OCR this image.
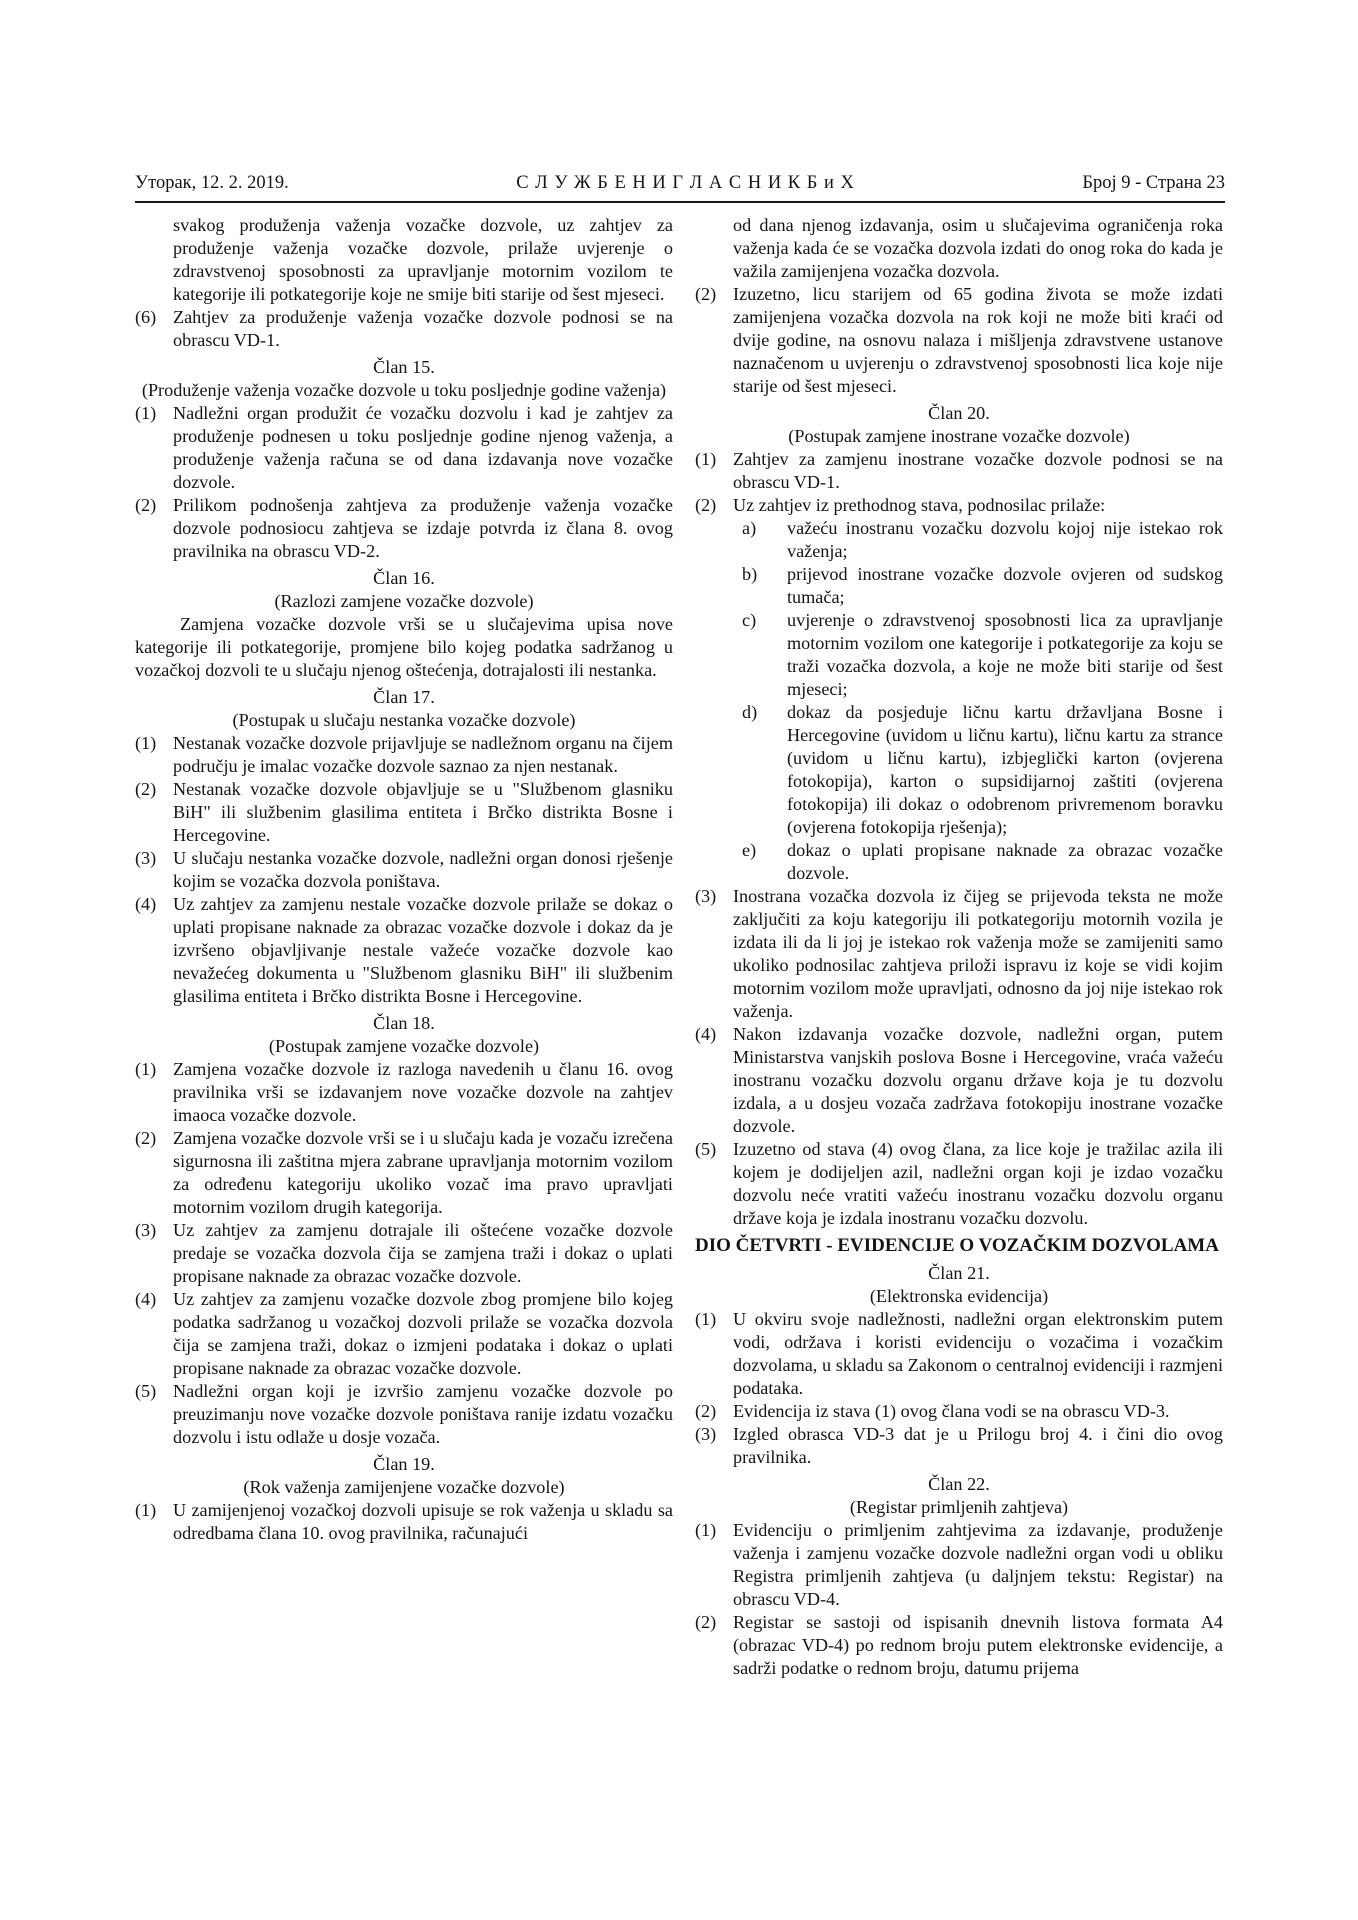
Уторак, 12. 2. 2019.	С Л У Ж Б Е Н И Г Л А С Н И К Б и Х	Број 9 - Страна 23

svakog produženja važenja vozačke dozvole, uz zahtjev za produženje važenja vozačke dozvole, prilaže uvjerenje o zdravstvenoj sposobnosti za upravljanje motornim vozilom te kategorije ili potkategorije koje ne smije biti starije od šest mjeseci.

(6) Zahtjev za produženje važenja vozačke dozvole podnosi se na obrascu VD-1.
Član 15.
(Produženje važenja vozačke dozvole u toku posljednje godine važenja)
(1) Nadležni organ produžit će vozačku dozvolu i kad je zahtjev za produženje podnesen u toku posljednje godine njenog važenja, a produženje važenja računa se od dana izdavanja nove vozačke dozvole.
(2) Prilikom podnošenja zahtjeva za produženje važenja vozačke dozvole podnosiocu zahtjeva se izdaje potvrda iz člana 8. ovog pravilnika na obrascu VD-2.
Član 16.
(Razlozi zamjene vozačke dozvole)

Zamjena vozačke dozvole vrši se u slučajevima upisa nove kategorije ili potkategorije, promjene bilo kojeg podatka sadržanog u vozačkoj dozvoli te u slučaju njenog oštećenja, dotrajalosti ili nestanka.

Član 17.
(Postupak u slučaju nestanka vozačke dozvole)
(1) Nestanak vozačke dozvole prijavljuje se nadležnom organu na čijem području je imalac vozačke dozvole saznao za njen nestanak.
(2) Nestanak vozačke dozvole objavljuje se u "Službenom glasniku BiH" ili službenim glasilima entiteta i Brčko distrikta Bosne i Hercegovine.
(3) U slučaju nestanka vozačke dozvole, nadležni organ donosi rješenje kojim se vozačka dozvola poništava.
(4) Uz zahtjev za zamjenu nestale vozačke dozvole prilaže se dokaz o uplati propisane naknade za obrazac vozačke dozvole i dokaz da je izvršeno objavljivanje nestale važeće vozačke dozvole kao nevažećeg dokumenta u "Službenom glasniku BiH" ili službenim glasilima entiteta i Brčko distrikta Bosne i Hercegovine.
Član 18.
(Postupak zamjene vozačke dozvole)
(1) Zamjena vozačke dozvole iz razloga navedenih u članu 16. ovog pravilnika vrši se izdavanjem nove vozačke dozvole na zahtjev imaoca vozačke dozvole.
(2) Zamjena vozačke dozvole vrši se i u slučaju kada je vozaču izrečena sigurnosna ili zaštitna mjera zabrane upravljanja motornim vozilom za određenu kategoriju ukoliko vozač ima pravo upravljati motornim vozilom drugih kategorija.
(3) Uz zahtjev za zamjenu dotrajale ili oštećene vozačke dozvole predaje se vozačka dozvola čija se zamjena traži i dokaz o uplati propisane naknade za obrazac vozačke dozvole.
(4) Uz zahtjev za zamjenu vozačke dozvole zbog promjene bilo kojeg podatka sadržanog u vozačkoj dozvoli prilaže se vozačka dozvola čija se zamjena traži, dokaz o izmjeni podataka i dokaz o uplati propisane naknade za obrazac vozačke dozvole.
(5) Nadležni organ koji je izvršio zamjenu vozačke dozvole po preuzimanju nove vozačke dozvole poništava ranije izdatu vozačku dozvolu i istu odlaže u dosje vozača.
Član 19.
(Rok važenja zamijenjene vozačke dozvole)
(1) U zamijenjenoj vozačkoj dozvoli upisuje se rok važenja u skladu sa odredbama člana 10. ovog pravilnika, računajući

od dana njenog izdavanja, osim u slučajevima ograničenja roka važenja kada će se vozačka dozvola izdati do onog roka do kada je važila zamijenjena vozačka dozvola.

(2) Izuzetno, licu starijem od 65 godina života se može izdati zamijenjena vozačka dozvola na rok koji ne može biti kraći od dvije godine, na osnovu nalaza i mišljenja zdravstvene ustanove naznačenom u uvjerenju o zdravstvenoj sposobnosti lica koje nije starije od šest mjeseci.
Član 20.
(Postupak zamjene inostrane vozačke dozvole)
(1) Zahtjev za zamjenu inostrane vozačke dozvole podnosi se na obrascu VD-1.
(2) Uz zahtjev iz prethodnog stava, podnosilac prilaže:
a) važeću inostranu vozačku dozvolu kojoj nije istekao rok važenja;
b) prijevod inostrane vozačke dozvole ovjeren od sudskog tumača;
c) uvjerenje o zdravstvenoj sposobnosti lica za upravljanje motornim vozilom one kategorije i potkategorije za koju se traži vozačka dozvola, a koje ne može biti starije od šest mjeseci;
d) dokaz da posjeduje ličnu kartu državljana Bosne i Hercegovine (uvidom u ličnu kartu), ličnu kartu za strance (uvidom u ličnu kartu), izbjeglički karton (ovjerena fotokopija), karton o supsidijarnoj zaštiti (ovjerena fotokopija) ili dokaz o odobrenom privremenom boravku (ovjerena fotokopija rješenja);
e) dokaz o uplati propisane naknade za obrazac vozačke dozvole.
(3) Inostrana vozačka dozvola iz čijeg se prijevoda teksta ne može zaključiti za koju kategoriju ili potkategoriju motornih vozila je izdata ili da li joj je istekao rok važenja može se zamijeniti samo ukoliko podnosilac zahtjeva priloži ispravu iz koje se vidi kojim motornim vozilom može upravljati, odnosno da joj nije istekao rok važenja.
(4) Nakon izdavanja vozačke dozvole, nadležni organ, putem Ministarstva vanjskih poslova Bosne i Hercegovine, vraća važeću inostranu vozačku dozvolu organu države koja je tu dozvolu izdala, a u dosjeu vozača zadržava fotokopiju inostrane vozačke dozvole.
(5) Izuzetno od stava (4) ovog člana, za lice koje je tražilac azila ili kojem je dodijeljen azil, nadležni organ koji je izdao vozačku dozvolu neće vratiti važeću inostranu vozačku dozvolu organu države koja je izdala inostranu vozačku dozvolu.
DIO ČETVRTI - EVIDENCIJE O VOZAČKIM DOZVOLAMA
Član 21.
(Elektronska evidencija)
(1) U okviru svoje nadležnosti, nadležni organ elektronskim putem vodi, održava i koristi evidenciju o vozačima i vozačkim dozvolama, u skladu sa Zakonom o centralnoj evidenciji i razmjeni podataka.
(2) Evidencija iz stava (1) ovog člana vodi se na obrascu VD-3.
(3) Izgled obrasca VD-3 dat je u Prilogu broj 4. i čini dio ovog pravilnika.
Član 22.
(Registar primljenih zahtjeva)
(1) Evidenciju o primljenim zahtjevima za izdavanje, produženje važenja i zamjenu vozačke dozvole nadležni organ vodi u obliku Registra primljenih zahtjeva (u daljnjem tekstu: Registar) na obrascu VD-4.
(2) Registar se sastoji od ispisanih dnevnih listova formata A4 (obrazac VD-4) po rednom broju putem elektronske evidencije, a sadrži podatke o rednom broju, datumu prijema
